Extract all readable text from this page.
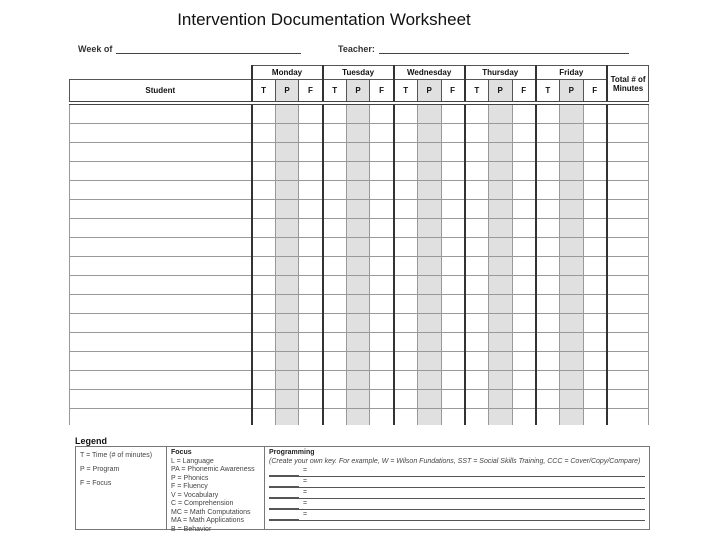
Intervention Documentation Worksheet
Week of	Teacher:
	Monday			Tuesday			Wednesday			Thursday			Friday			Total # of Minutes
Student	T	P	F	T	P	F	T	P	F	T	P	F	T	P	F	

Legend
T = Time (# of minutes)
P = Program
F = Focus
Focus
L = Language
PA = Phonemic Awareness
P = Phonics
F = Fluency
V = Vocabulary
C = Comprehension
MC = Math Computations
MA = Math Applications
B = Behavior
Programming
(Create your own key. For example, W = Wilson Fundations, SST = Social Skills Training, CCC = Cover/Copy/Compare)
=
=
=
=
=
